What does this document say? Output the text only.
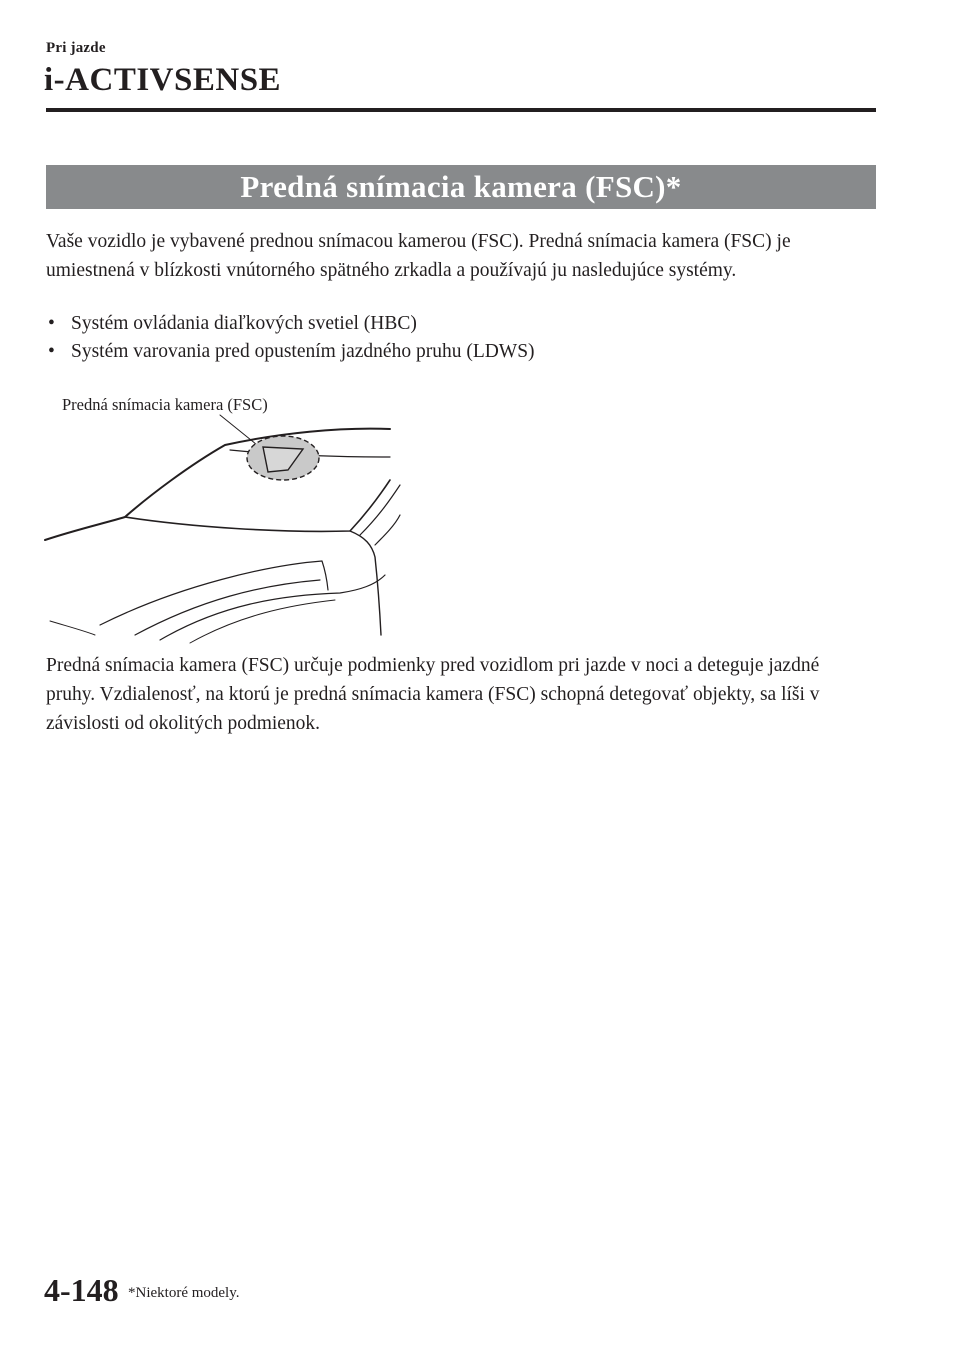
Pri jazde
i-ACTIVSENSE
Predná snímacia kamera (FSC)*

Vaše vozidlo je vybavené prednou snímacou kamerou (FSC). Predná snímacia kamera (FSC) je umiestnená v blízkosti vnútorného spätného zrkadla a používajú ju nasledujúce systémy.

• Systém ovládania diaľkových svetiel (HBC)
• Systém varovania pred opustením jazdného pruhu (LDWS)
Predná snímacia kamera (FSC)

Predná snímacia kamera (FSC) určuje podmienky pred vozidlom pri jazde v noci a deteguje jazdné pruhy. Vzdialenosť, na ktorú je predná snímacia kamera (FSC) schopná detegovať objekty, sa líši v závislosti od okolitých podmienok.

4-148 *Niektoré modely.
